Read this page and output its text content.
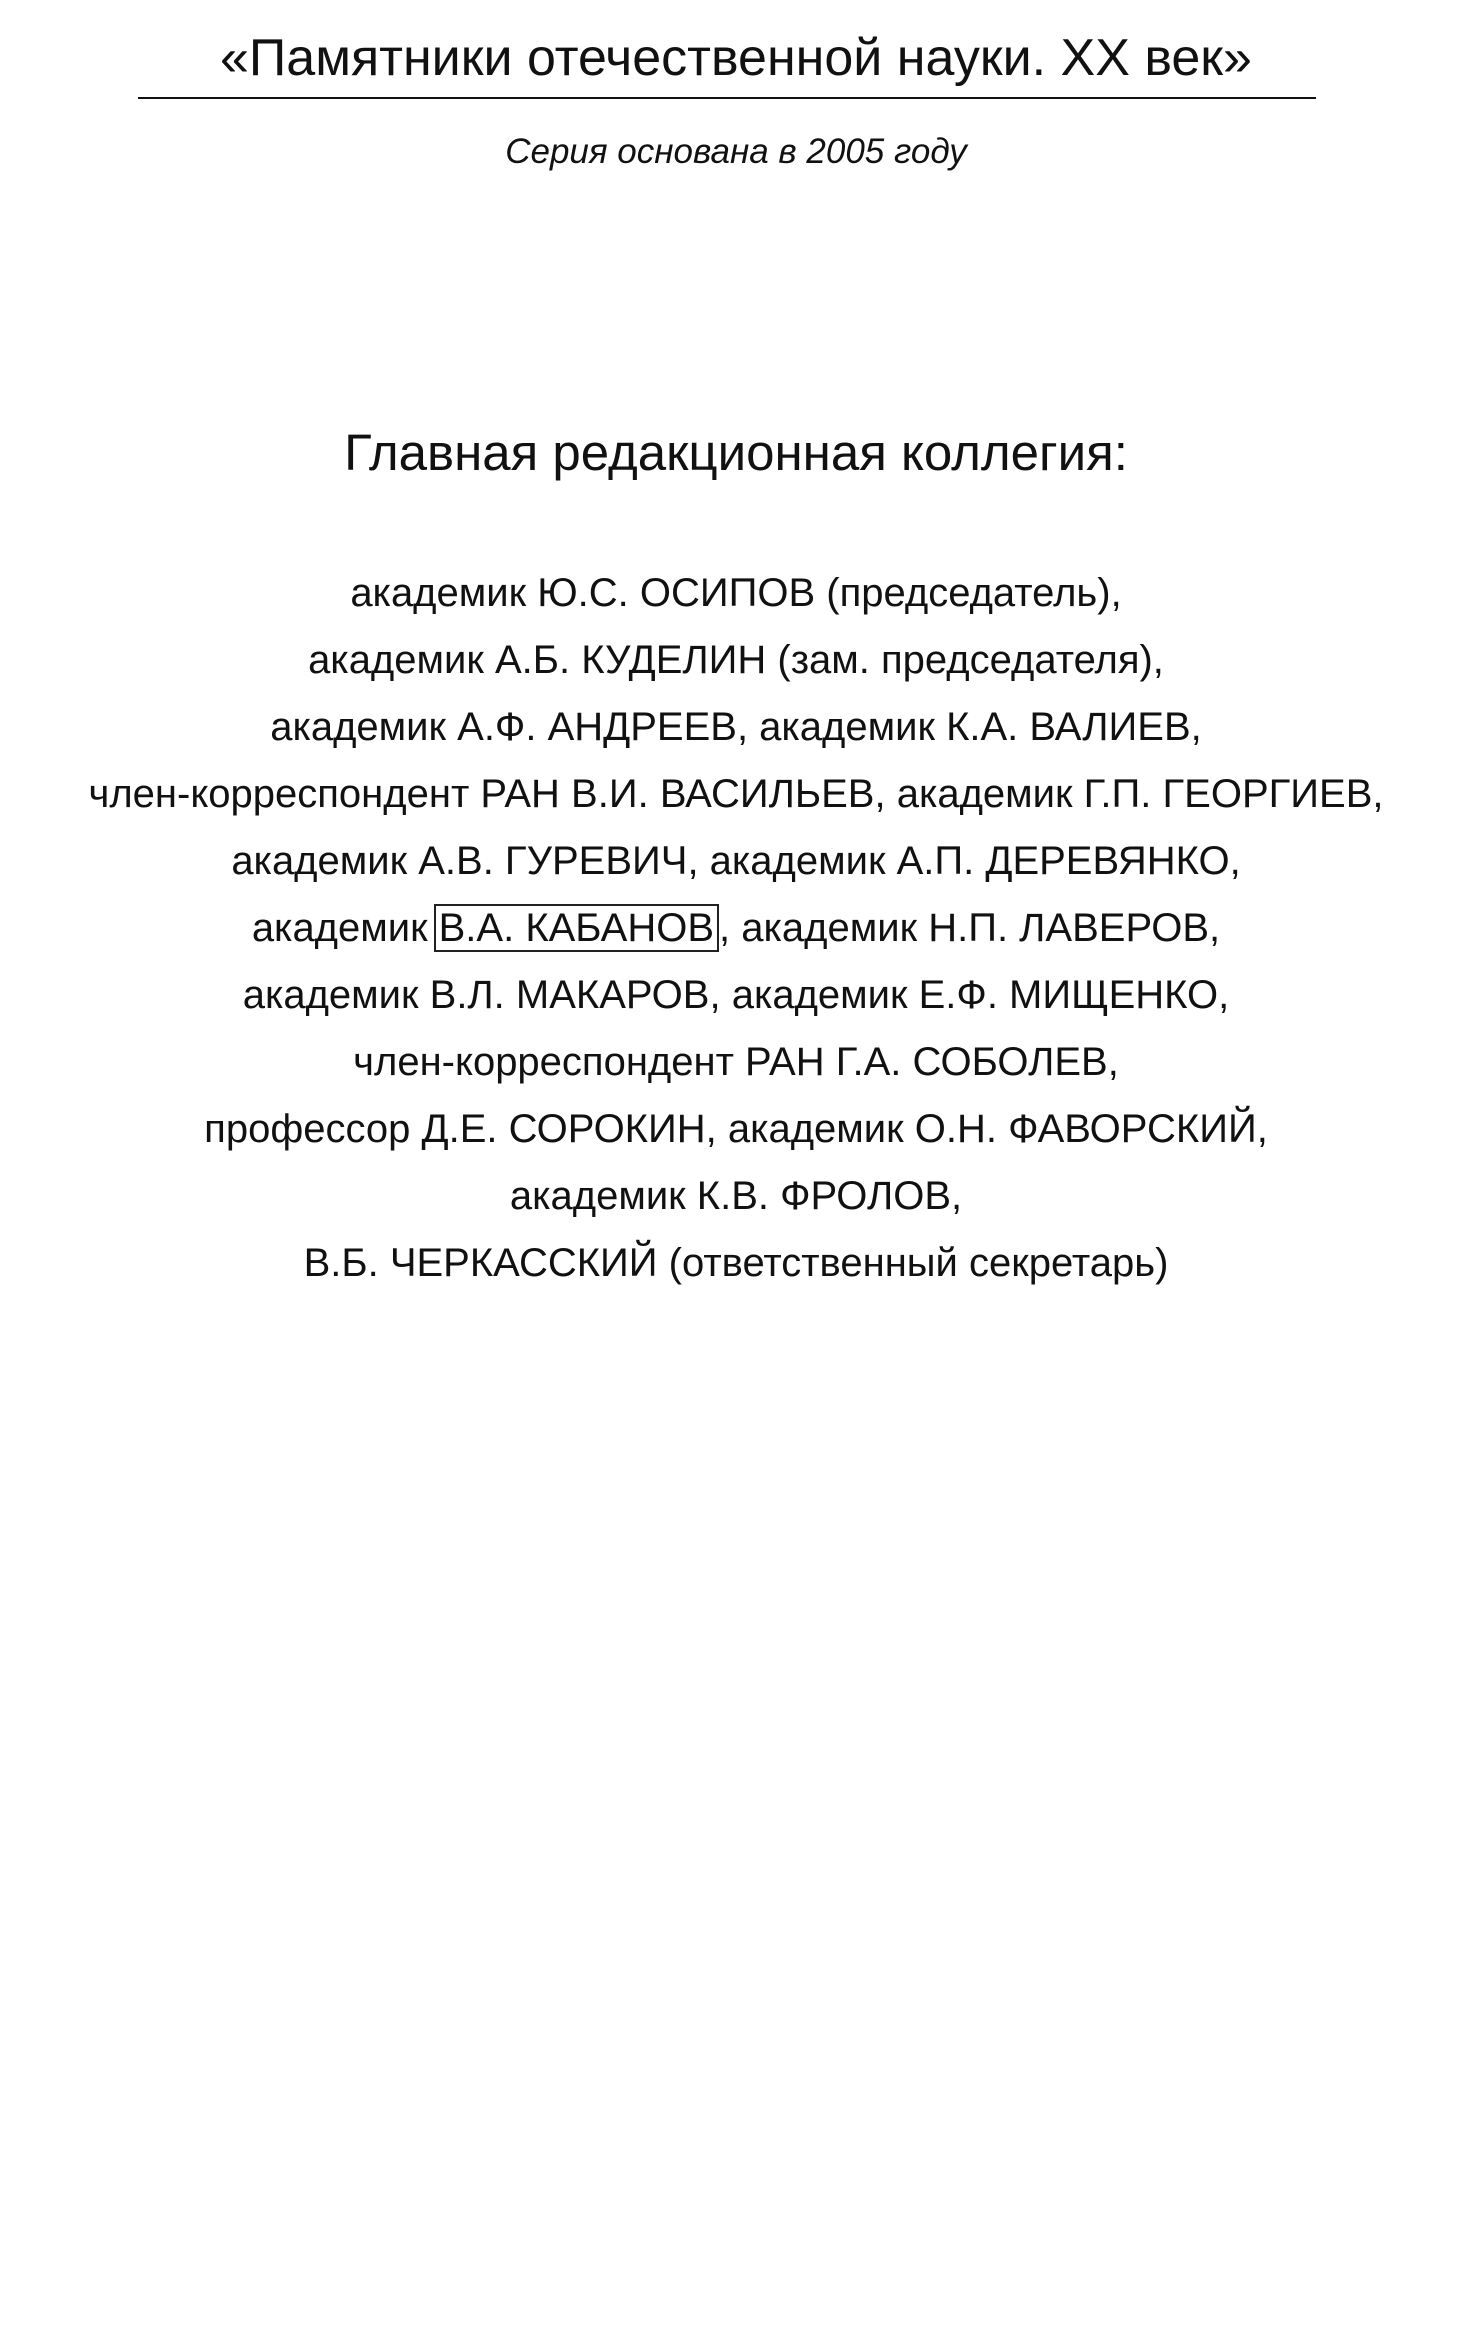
«Памятники отечественной науки. XX век»
Серия основана в 2005 году
Главная редакционная коллегия:
академик Ю.С. ОСИПОВ (председатель),
академик А.Б. КУДЕЛИН (зам. председателя),
академик А.Ф. АНДРЕЕВ, академик К.А. ВАЛИЕВ,
член-корреспондент РАН В.И. ВАСИЛЬЕВ, академик Г.П. ГЕОРГИЕВ,
академик А.В. ГУРЕВИЧ, академик А.П. ДЕРЕВЯНКО,
академик В.А. КАБАНОВ , академик Н.П. ЛАВЕРОВ,
академик В.Л. МАКАРОВ, академик Е.Ф. МИЩЕНКО,
член-корреспондент РАН Г.А. СОБОЛЕВ,
профессор Д.Е. СОРОКИН, академик О.Н. ФАВОРСКИЙ,
академик К.В. ФРОЛОВ,
В.Б. ЧЕРКАССКИЙ (ответственный секретарь)
